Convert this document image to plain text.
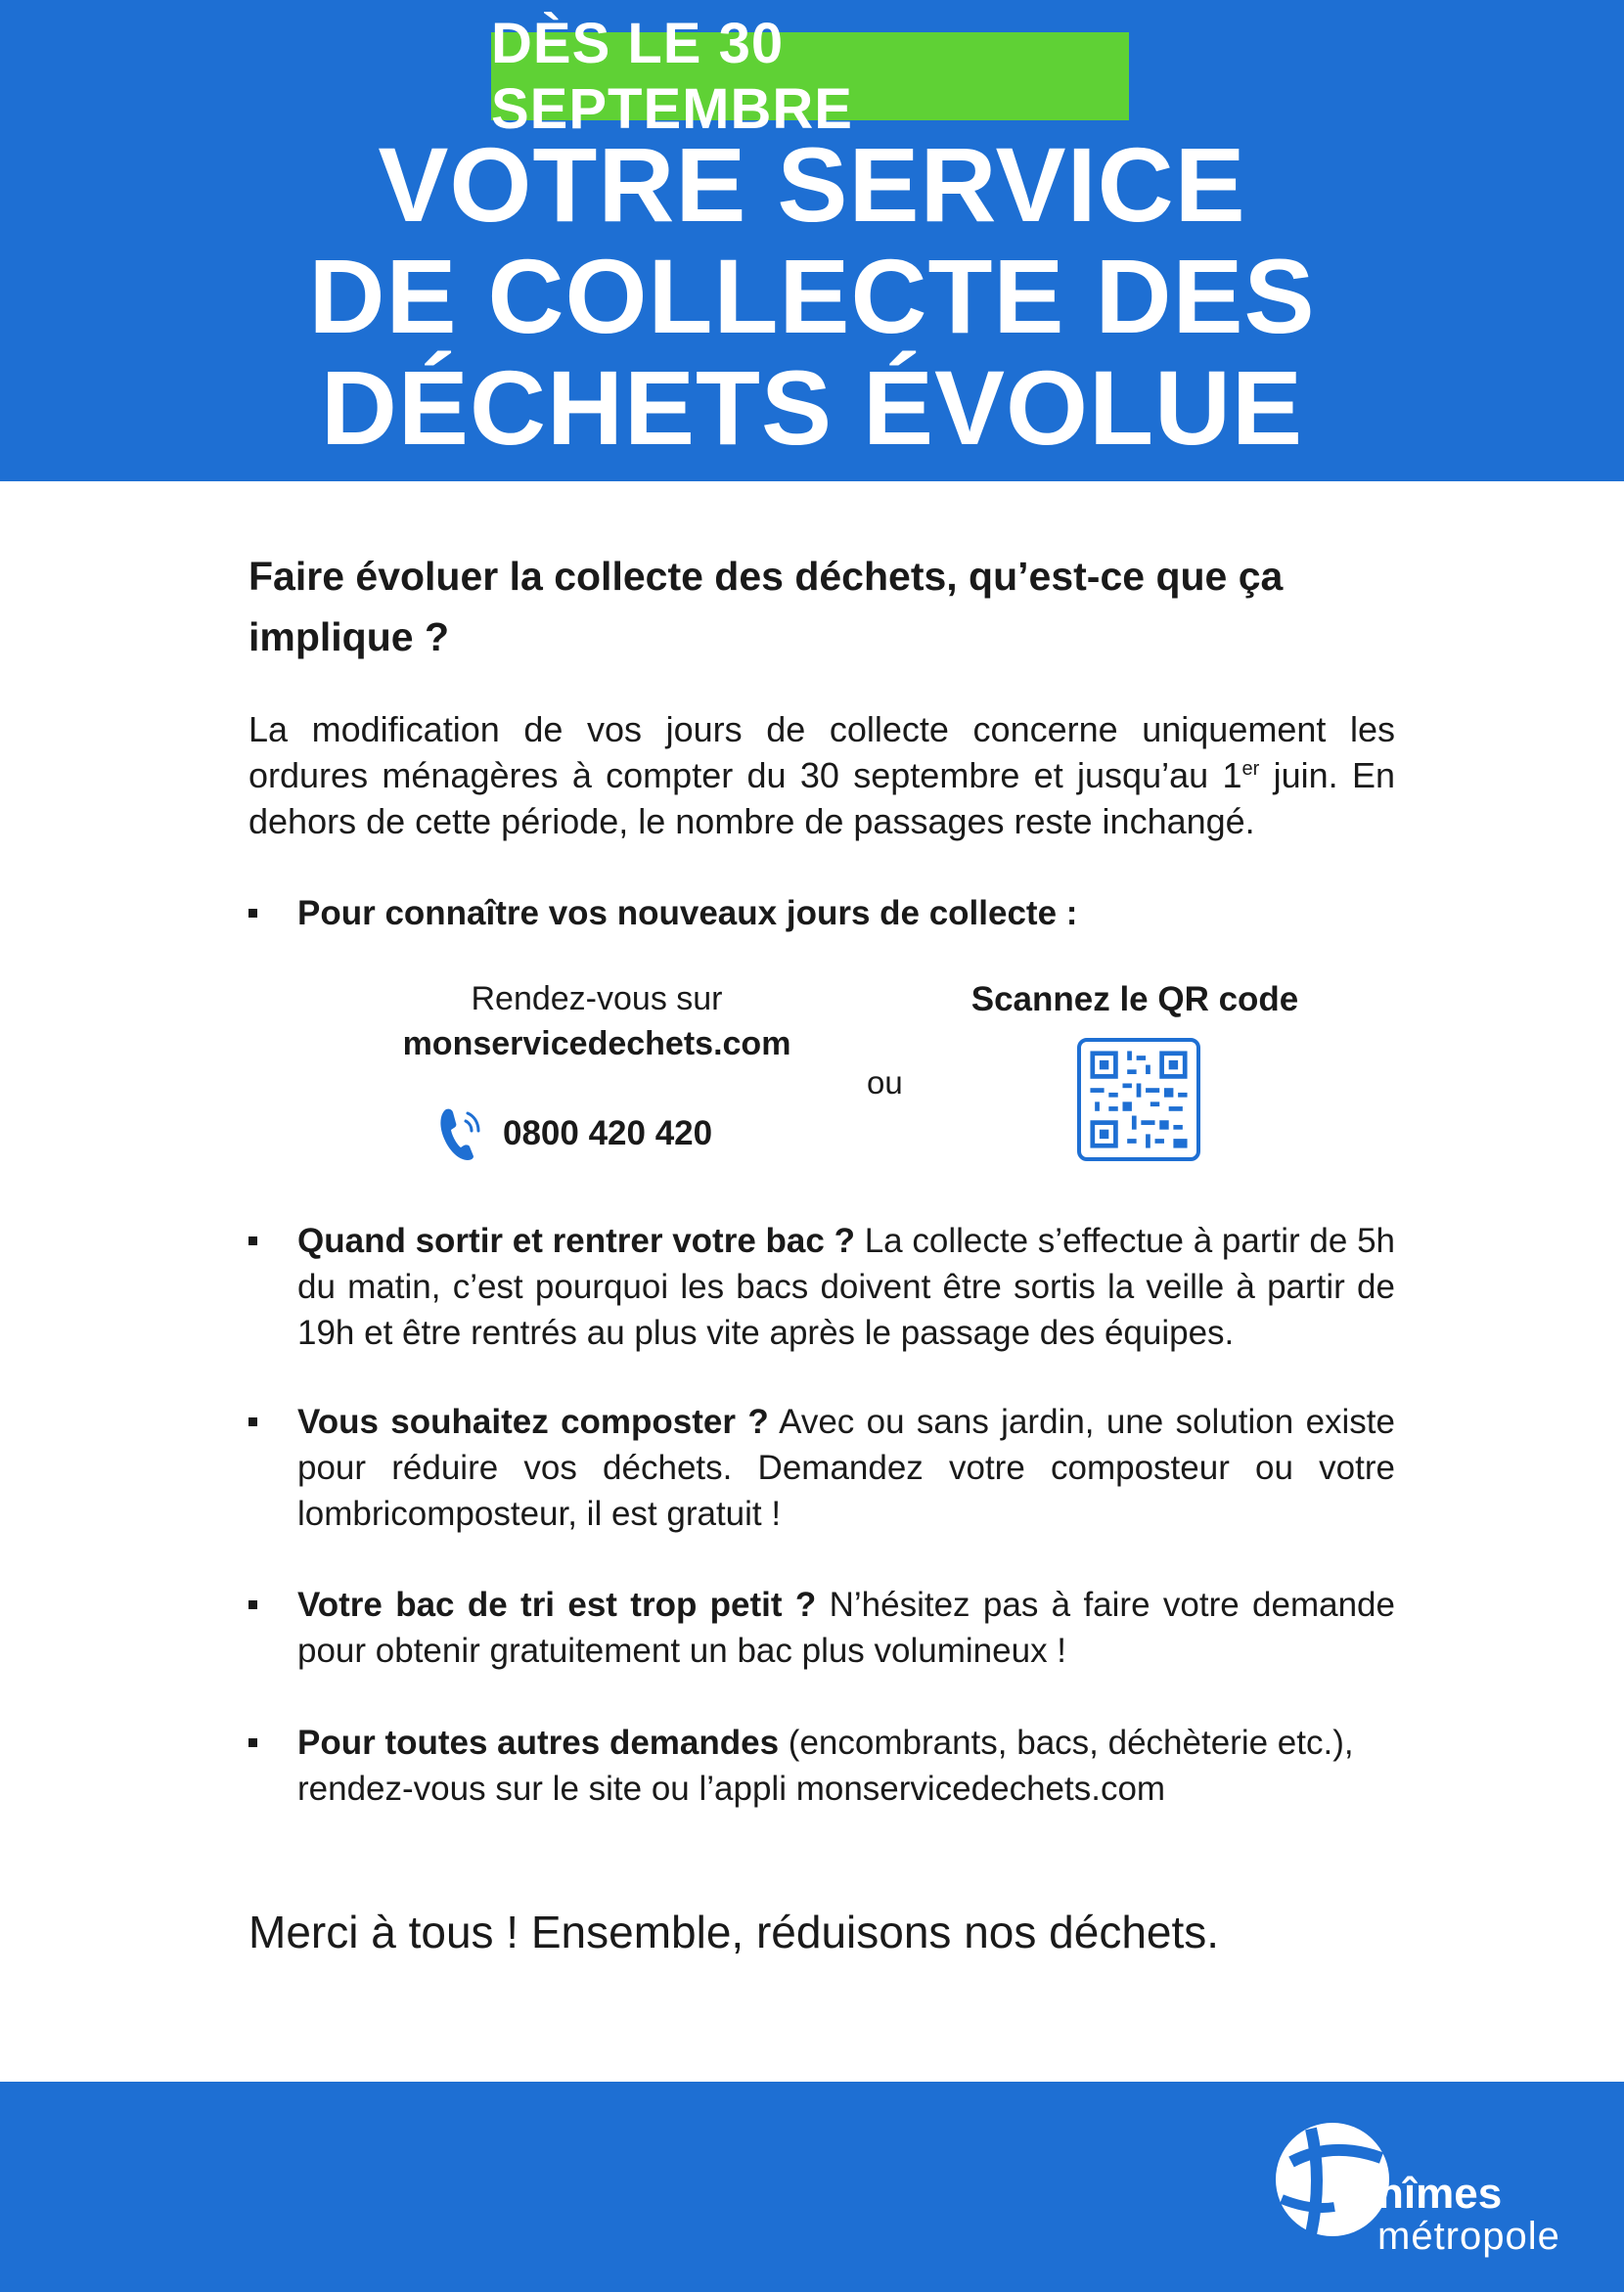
DÈS LE 30 SEPTEMBRE
VOTRE SERVICE
DE COLLECTE DES
DÉCHETS ÉVOLUE
Faire évoluer la collecte des déchets, qu’est-ce que ça implique ?
La modification de vos jours de collecte concerne uniquement les ordures ménagères à compter du 30 septembre et jusqu’au 1er juin. En dehors de cette période, le nombre de passages reste inchangé.
Pour connaître vos nouveaux jours de collecte :
Rendez-vous sur
monservicedechets.com
0800 420 420
ou
Scannez le QR code
Quand sortir et rentrer votre bac ? La collecte s’effectue à partir de 5h du matin, c’est pourquoi les bacs doivent être sortis la veille à partir de 19h et être rentrés au plus vite après le passage des équipes.
Vous souhaitez composter ? Avec ou sans jardin, une solution existe pour réduire vos déchets. Demandez votre composteur ou votre lombricomposteur, il est gratuit !
Votre bac de tri est trop petit ? N’hésitez pas à faire votre demande pour obtenir gratuitement un bac plus volumineux !
Pour toutes autres demandes (encombrants, bacs, déchèterie etc.), rendez-vous sur le site ou l’appli monservicedechets.com
Merci à tous ! Ensemble, réduisons nos déchets.
nîmes
métropole
